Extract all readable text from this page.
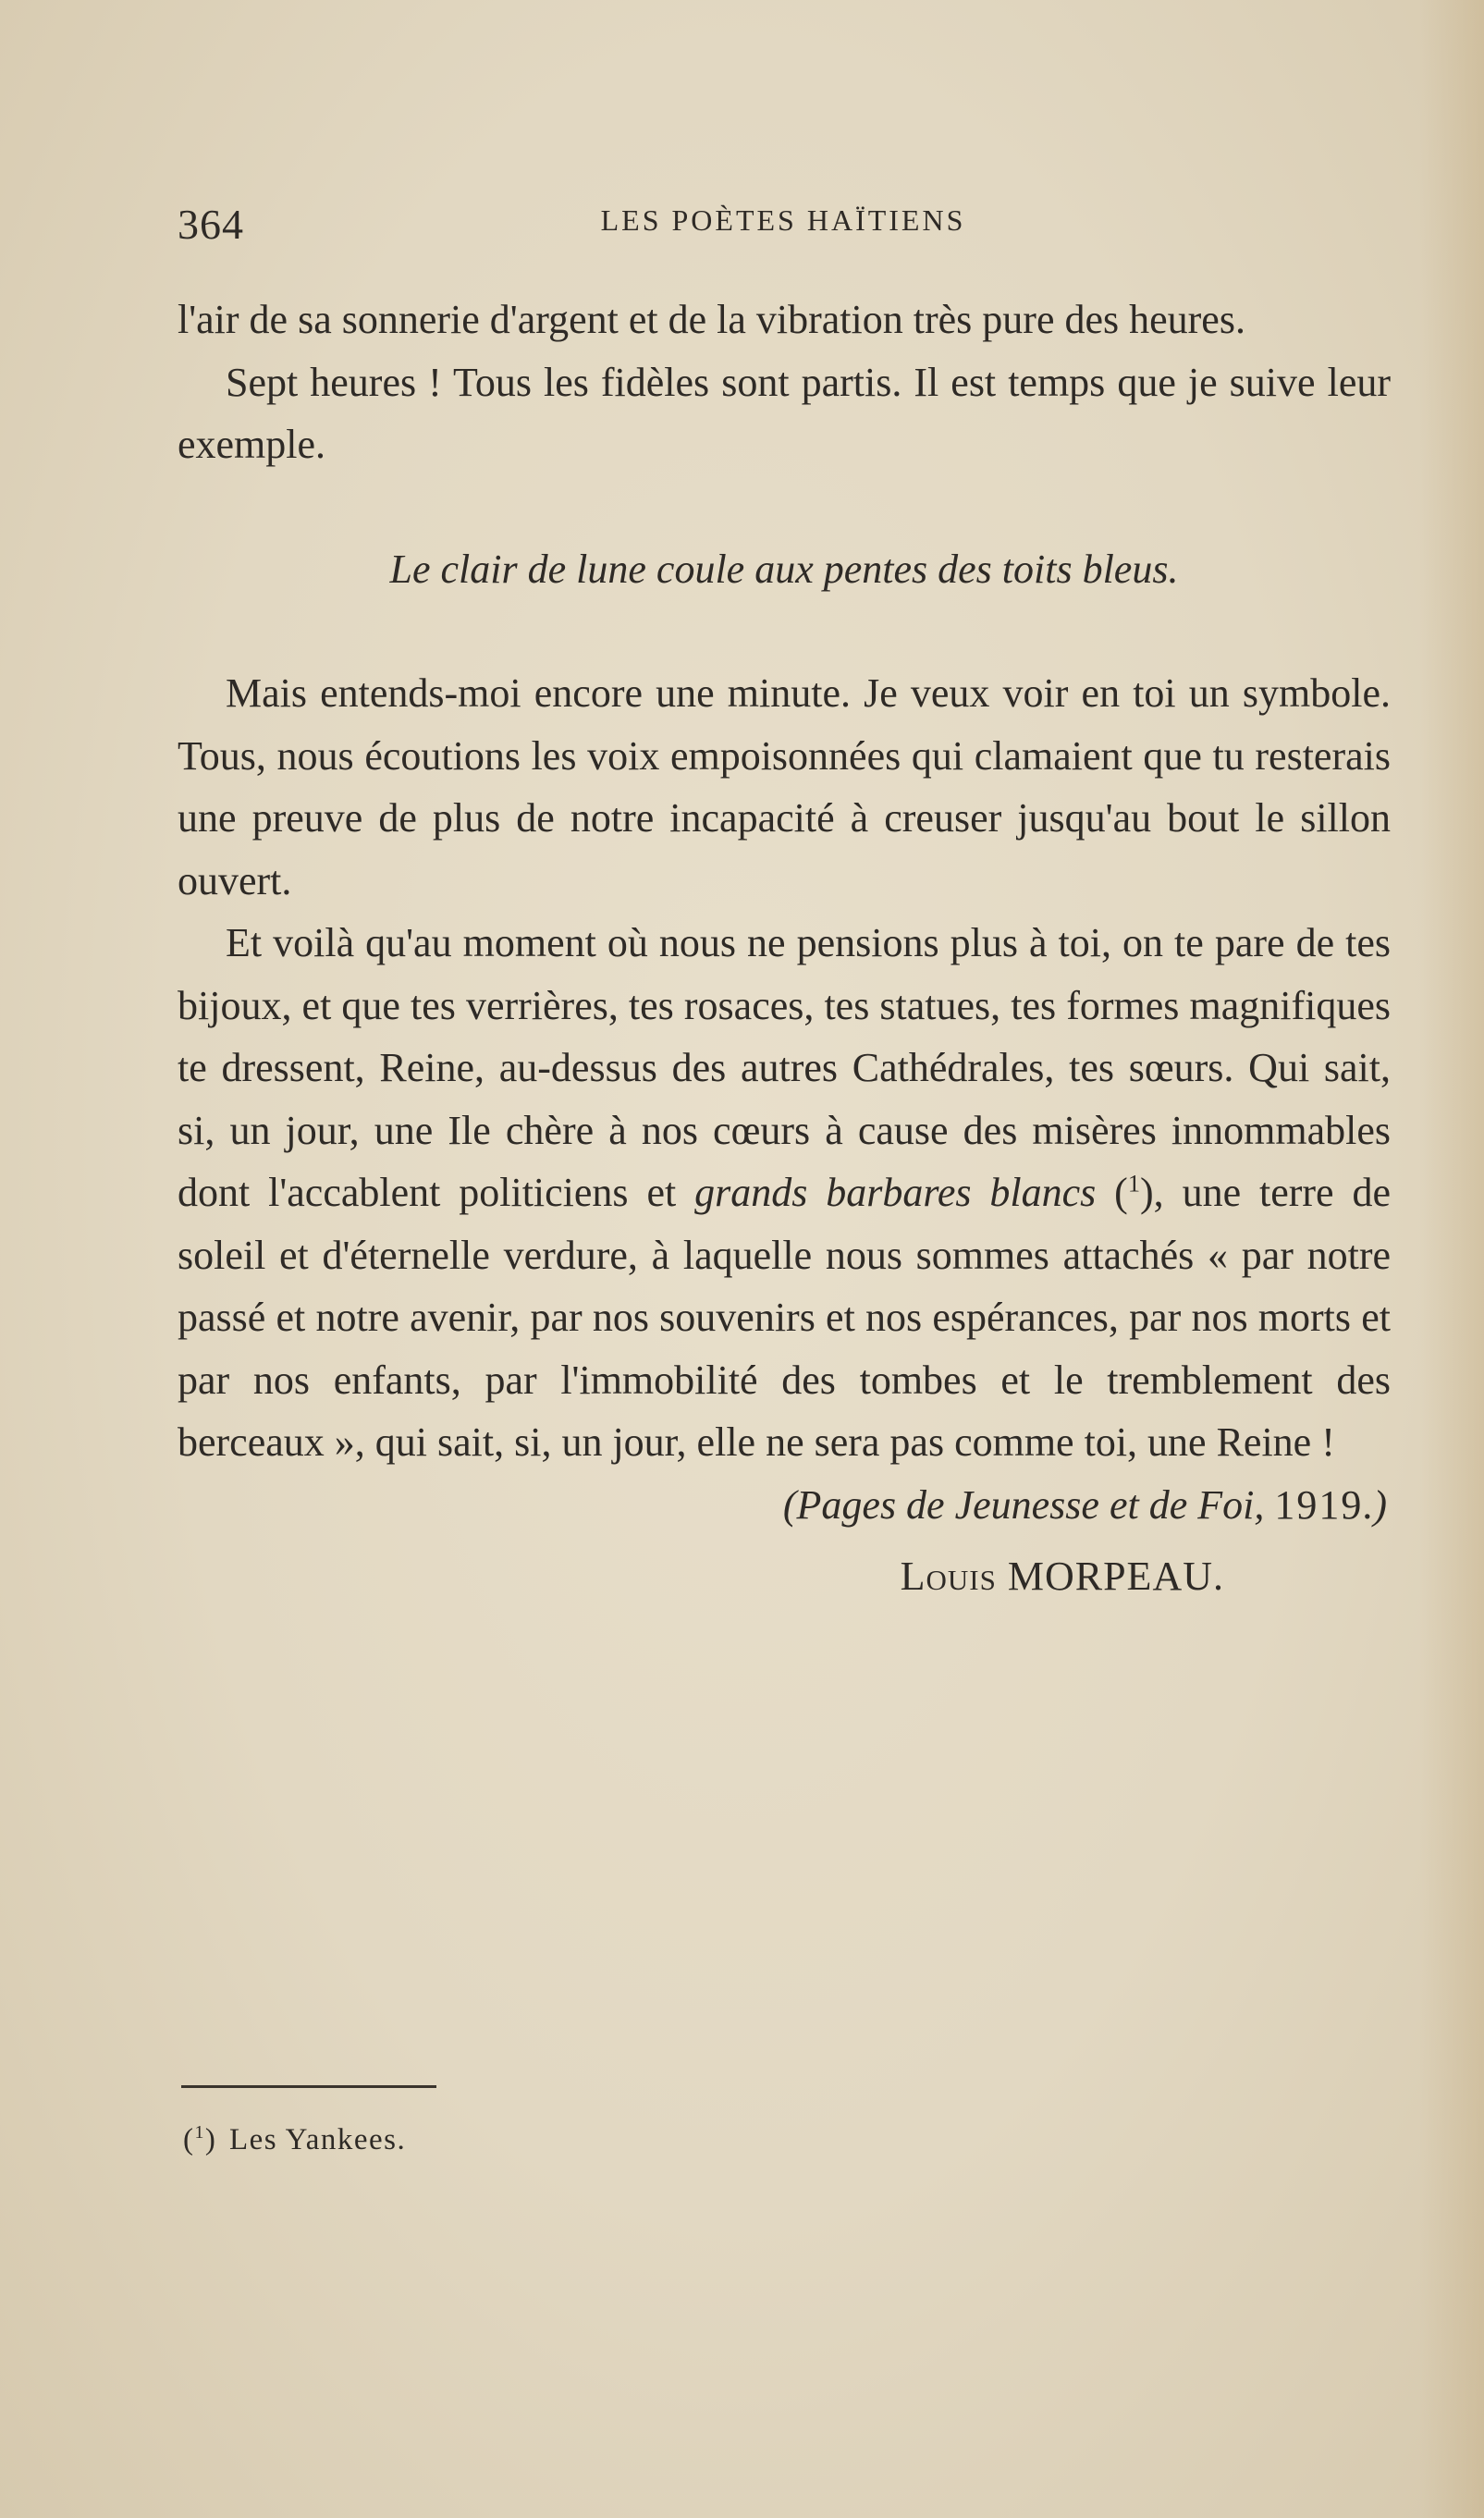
364	LES POÈTES HAÏTIENS

l'air de sa sonnerie d'argent et de la vibration très pure des heures.

Sept heures ! Tous les fidèles sont partis. Il est temps que je suive leur exemple.

Le clair de lune coule aux pentes des toits bleus.

Mais entends-moi encore une minute. Je veux voir en toi un symbole. Tous, nous écoutions les voix empoisonnées qui clamaient que tu resterais une preuve de plus de notre incapacité à creuser jusqu'au bout le sillon ouvert.

Et voilà qu'au moment où nous ne pensions plus à toi, on te pare de tes bijoux, et que tes verrières, tes rosaces, tes statues, tes formes magnifiques te dressent, Reine, au-dessus des autres Cathédrales, tes sœurs. Qui sait, si, un jour, une Ile chère à nos cœurs à cause des misères innommables dont l'accablent politiciens et grands barbares blancs ($^1$), une terre de soleil et d'éternelle verdure, à laquelle nous sommes attachés « par notre passé et notre avenir, par nos souvenirs et nos espérances, par nos morts et par nos enfants, par l'immobilité des tombes et le tremblement des berceaux », qui sait, si, un jour, elle ne sera pas comme toi, une Reine !

(Pages de Jeunesse et de Foi, 1919.)

Louis MORPEAU.

($^1$) Les Yankees.
